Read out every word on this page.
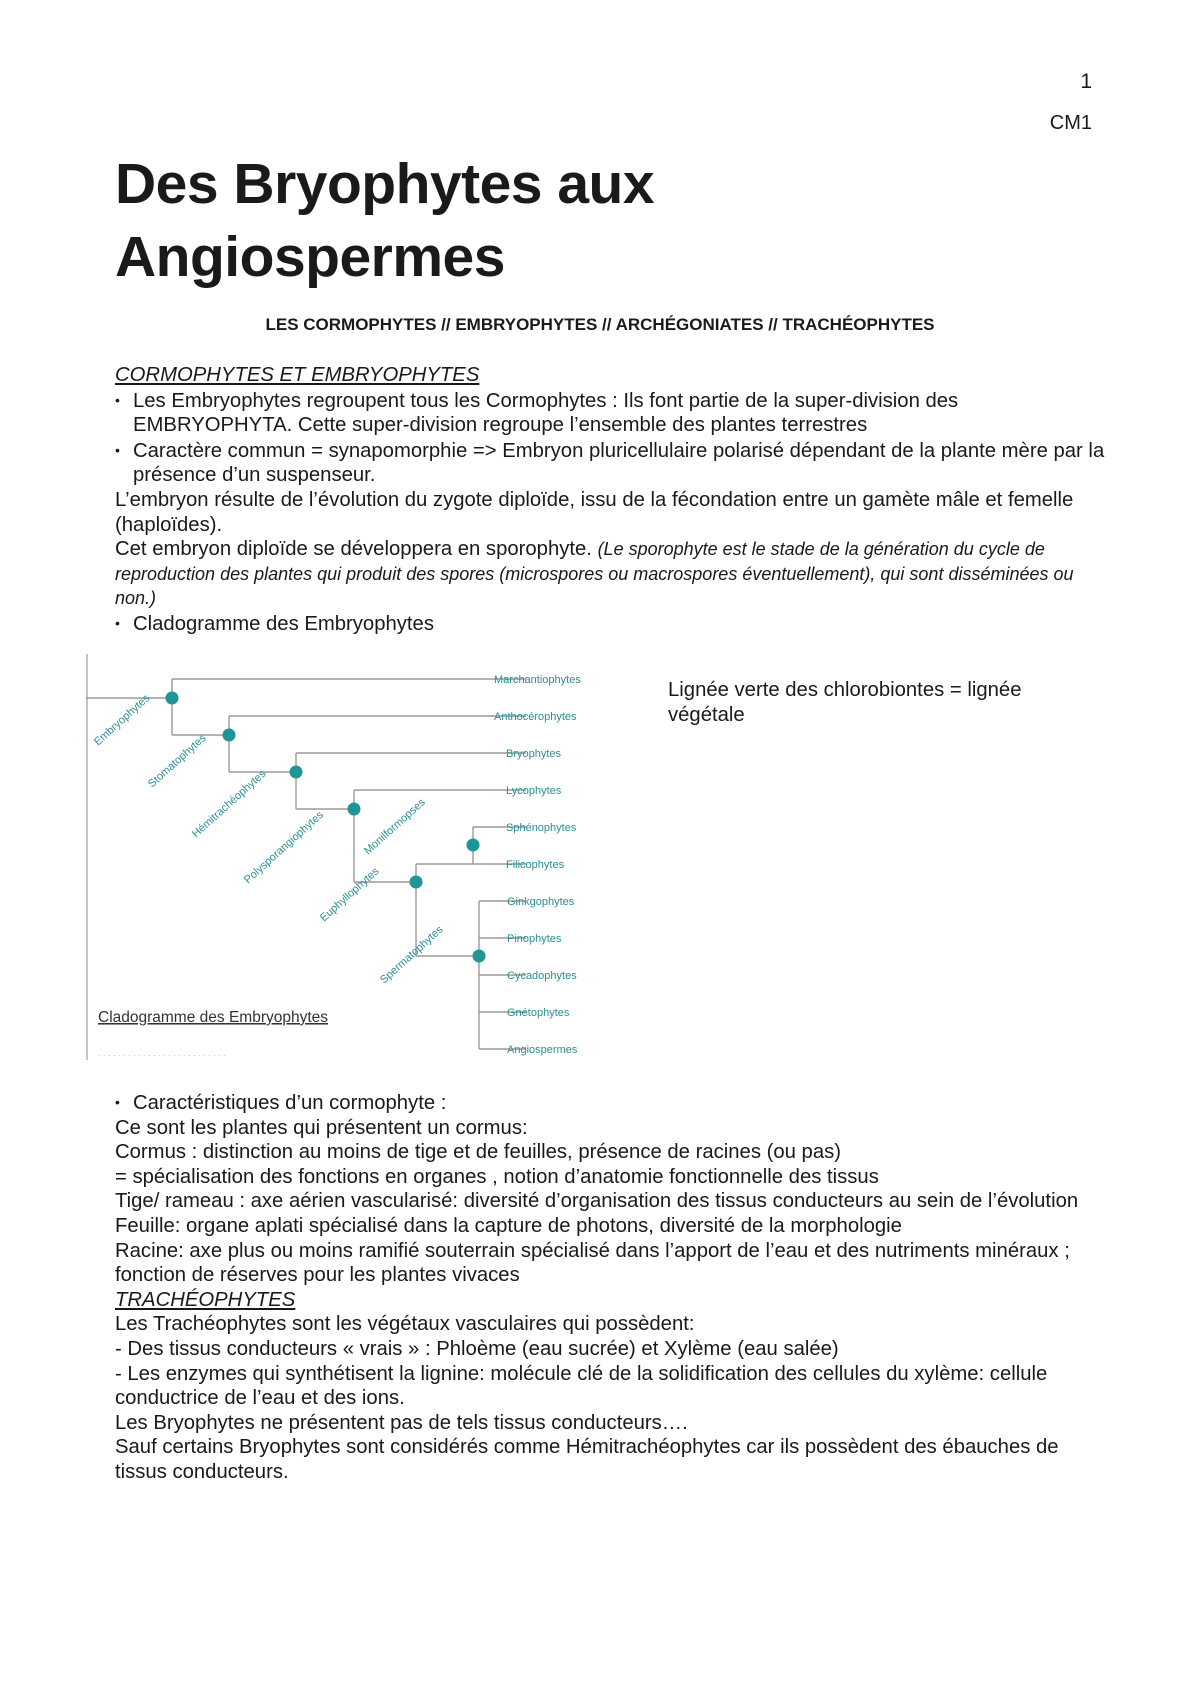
1
CM1
Des Bryophytes aux
Angiospermes
LES CORMOPHYTES // EMBRYOPHYTES // ARCHÉGONIATES // TRACHÉOPHYTES

CORMOPHYTES ET EMBRYOPHYTES

• Les Embryophytes regroupent tous les Cormophytes : Ils font partie de la super-division des EMBRYOPHYTA. Cette super-division regroupe l’ensemble des plantes terrestres

• Caractère commun = synapomorphie => Embryon pluricellulaire polarisé dépendant de la plante mère par la présence d’un suspenseur.

L’embryon résulte de l’évolution du zygote diploïde, issu de la fécondation entre un gamète mâle et femelle (haploïdes).

Cet embryon diploïde se développera en sporophyte. (Le sporophyte est le stade de la génération du cycle de reproduction des plantes qui produit des spores (microspores ou macrospores éventuellement), qui sont disséminées ou non.)

• Cladogramme des Embryophytes

Marchantiophytes
Anthocérophytes
Bryophytes
Lycophytes
Sphénophytes
Filicophytes
Ginkgophytes
Pinophytes
Cycadophytes
Gnétophytes
Angiospermes
Embryophytes
Stomatophytes
Hémitrachéophytes
Polysporangiophytes	Monilformopses
Euphyllophytes
Spermatophytes
Cladogramme des Embryophytes
. . . . . . . . . . . . . . . . . . . . . . . . . .
Lignée verte des chlorobiontes = lignée végétale

• Caractéristiques d’un cormophyte :

Ce sont les plantes qui présentent un cormus:

Cormus : distinction au moins de tige et de feuilles, présence de racines (ou pas)

= spécialisation des fonctions en organes , notion d’anatomie fonctionnelle des tissus

Tige/ rameau : axe aérien vascularisé: diversité d’organisation des tissus conducteurs au sein de l’évolution

Feuille: organe aplati spécialisé dans la capture de photons, diversité de la morphologie

Racine: axe plus ou moins ramifié souterrain spécialisé dans l’apport de l’eau et des nutriments minéraux ; fonction de réserves pour les plantes vivaces

TRACHÉOPHYTES

Les Trachéophytes sont les végétaux vasculaires qui possèdent:

- Des tissus conducteurs « vrais » : Phloème (eau sucrée) et Xylème (eau salée)

- Les enzymes qui synthétisent la lignine: molécule clé de la solidification des cellules du xylème: cellule conductrice de l’eau et des ions.

Les Bryophytes ne présentent pas de tels tissus conducteurs….

Sauf certains Bryophytes sont considérés comme Hémitrachéophytes car ils possèdent des ébauches de tissus conducteurs.
